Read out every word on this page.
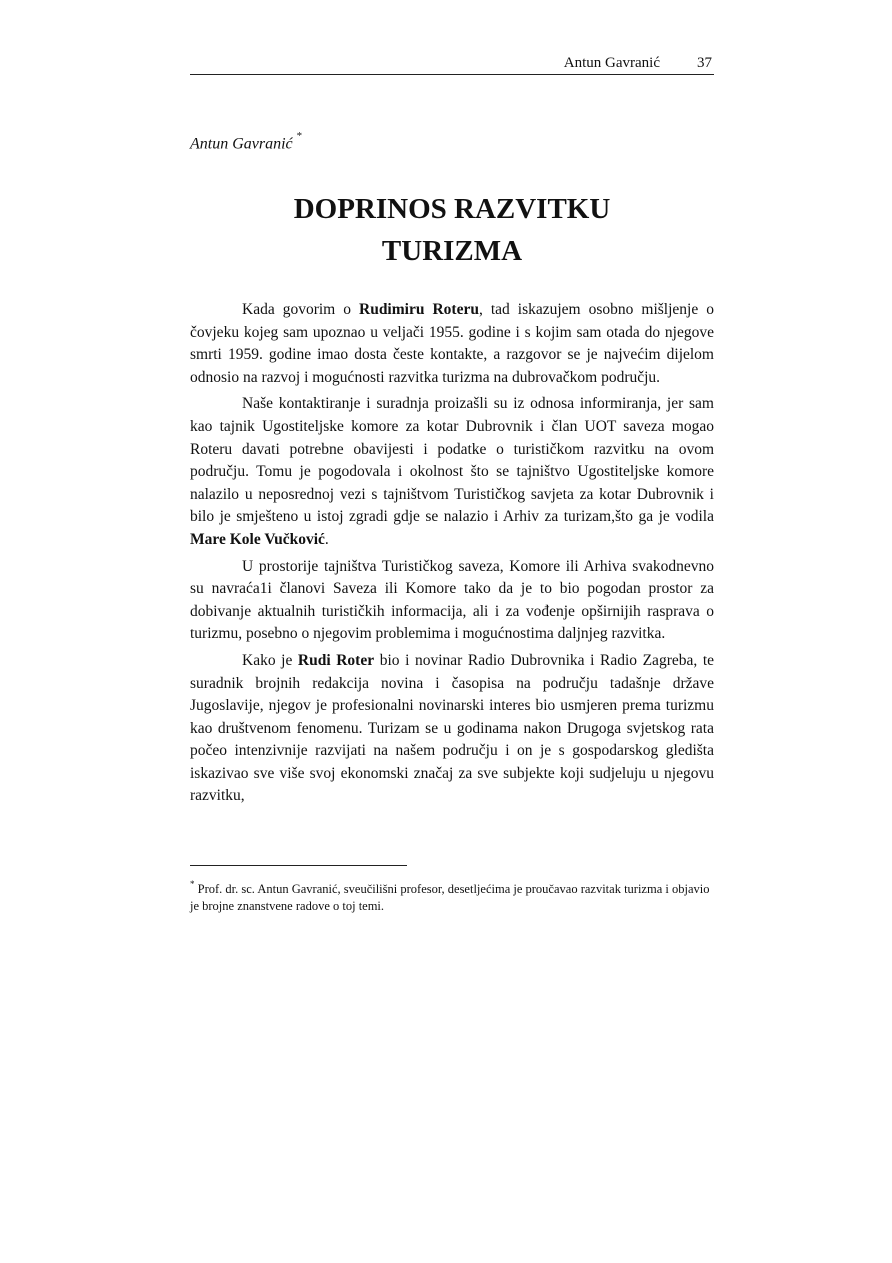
Antun Gavranić 37
Antun Gavranić *
DOPRINOS RAZVITKU
TURIZMA

Kada govorim o Rudimiru Roteru, tad iskazujem osobno mišljenje o čovjeku kojeg sam upoznao u veljači 1955. godine i s kojim sam otada do njegove smrti 1959. godine imao dosta česte kontakte, a razgovor se je najvećim dijelom odnosio na razvoj i mogućnosti razvitka turizma na dubrovačkom području.

Naše kontaktiranje i suradnja proizašli su iz odnosa informiranja, jer sam kao tajnik Ugostiteljske komore za kotar Dubrovnik i član UOT saveza mogao Roteru davati potrebne obavijesti i podatke o turističkom razvitku na ovom području. Tomu je pogodovala i okolnost što se tajništvo Ugostiteljske komore nalazilo u neposrednoj vezi s tajništvom Turističkog savjeta za kotar Dubrovnik i bilo je smješteno u istoj zgradi gdje se nalazio i Arhiv za turizam,što ga je vodila Mare Kole Vučković.

U prostorije tajništva Turističkog saveza, Komore ili Arhiva svakodnevno su navraća1i članovi Saveza ili Komore tako da je to bio pogodan prostor za dobivanje aktualnih turističkih informacija, ali i za vođenje opširnijih rasprava o turizmu, posebno o njegovim problemima i mogućnostima daljnjeg razvitka.

Kako je Rudi Roter bio i novinar Radio Dubrovnika i Radio Zagreba, te suradnik brojnih redakcija novina i časopisa na području tadašnje države Jugoslavije, njegov je profesionalni novinarski interes bio usmjeren prema turizmu kao društvenom fenomenu. Turizam se u godinama nakon Drugoga svjetskog rata počeo intenzivnije razvijati na našem području i on je s gospodarskog gledišta iskazivao sve više svoj ekonomski značaj za sve subjekte koji sudjeluju u njegovu razvitku,

* Prof. dr. sc. Antun Gavranić, sveučilišni profesor, desetljećima je proučavao razvitak turizma i objavio je brojne znanstvene radove o toj temi.
